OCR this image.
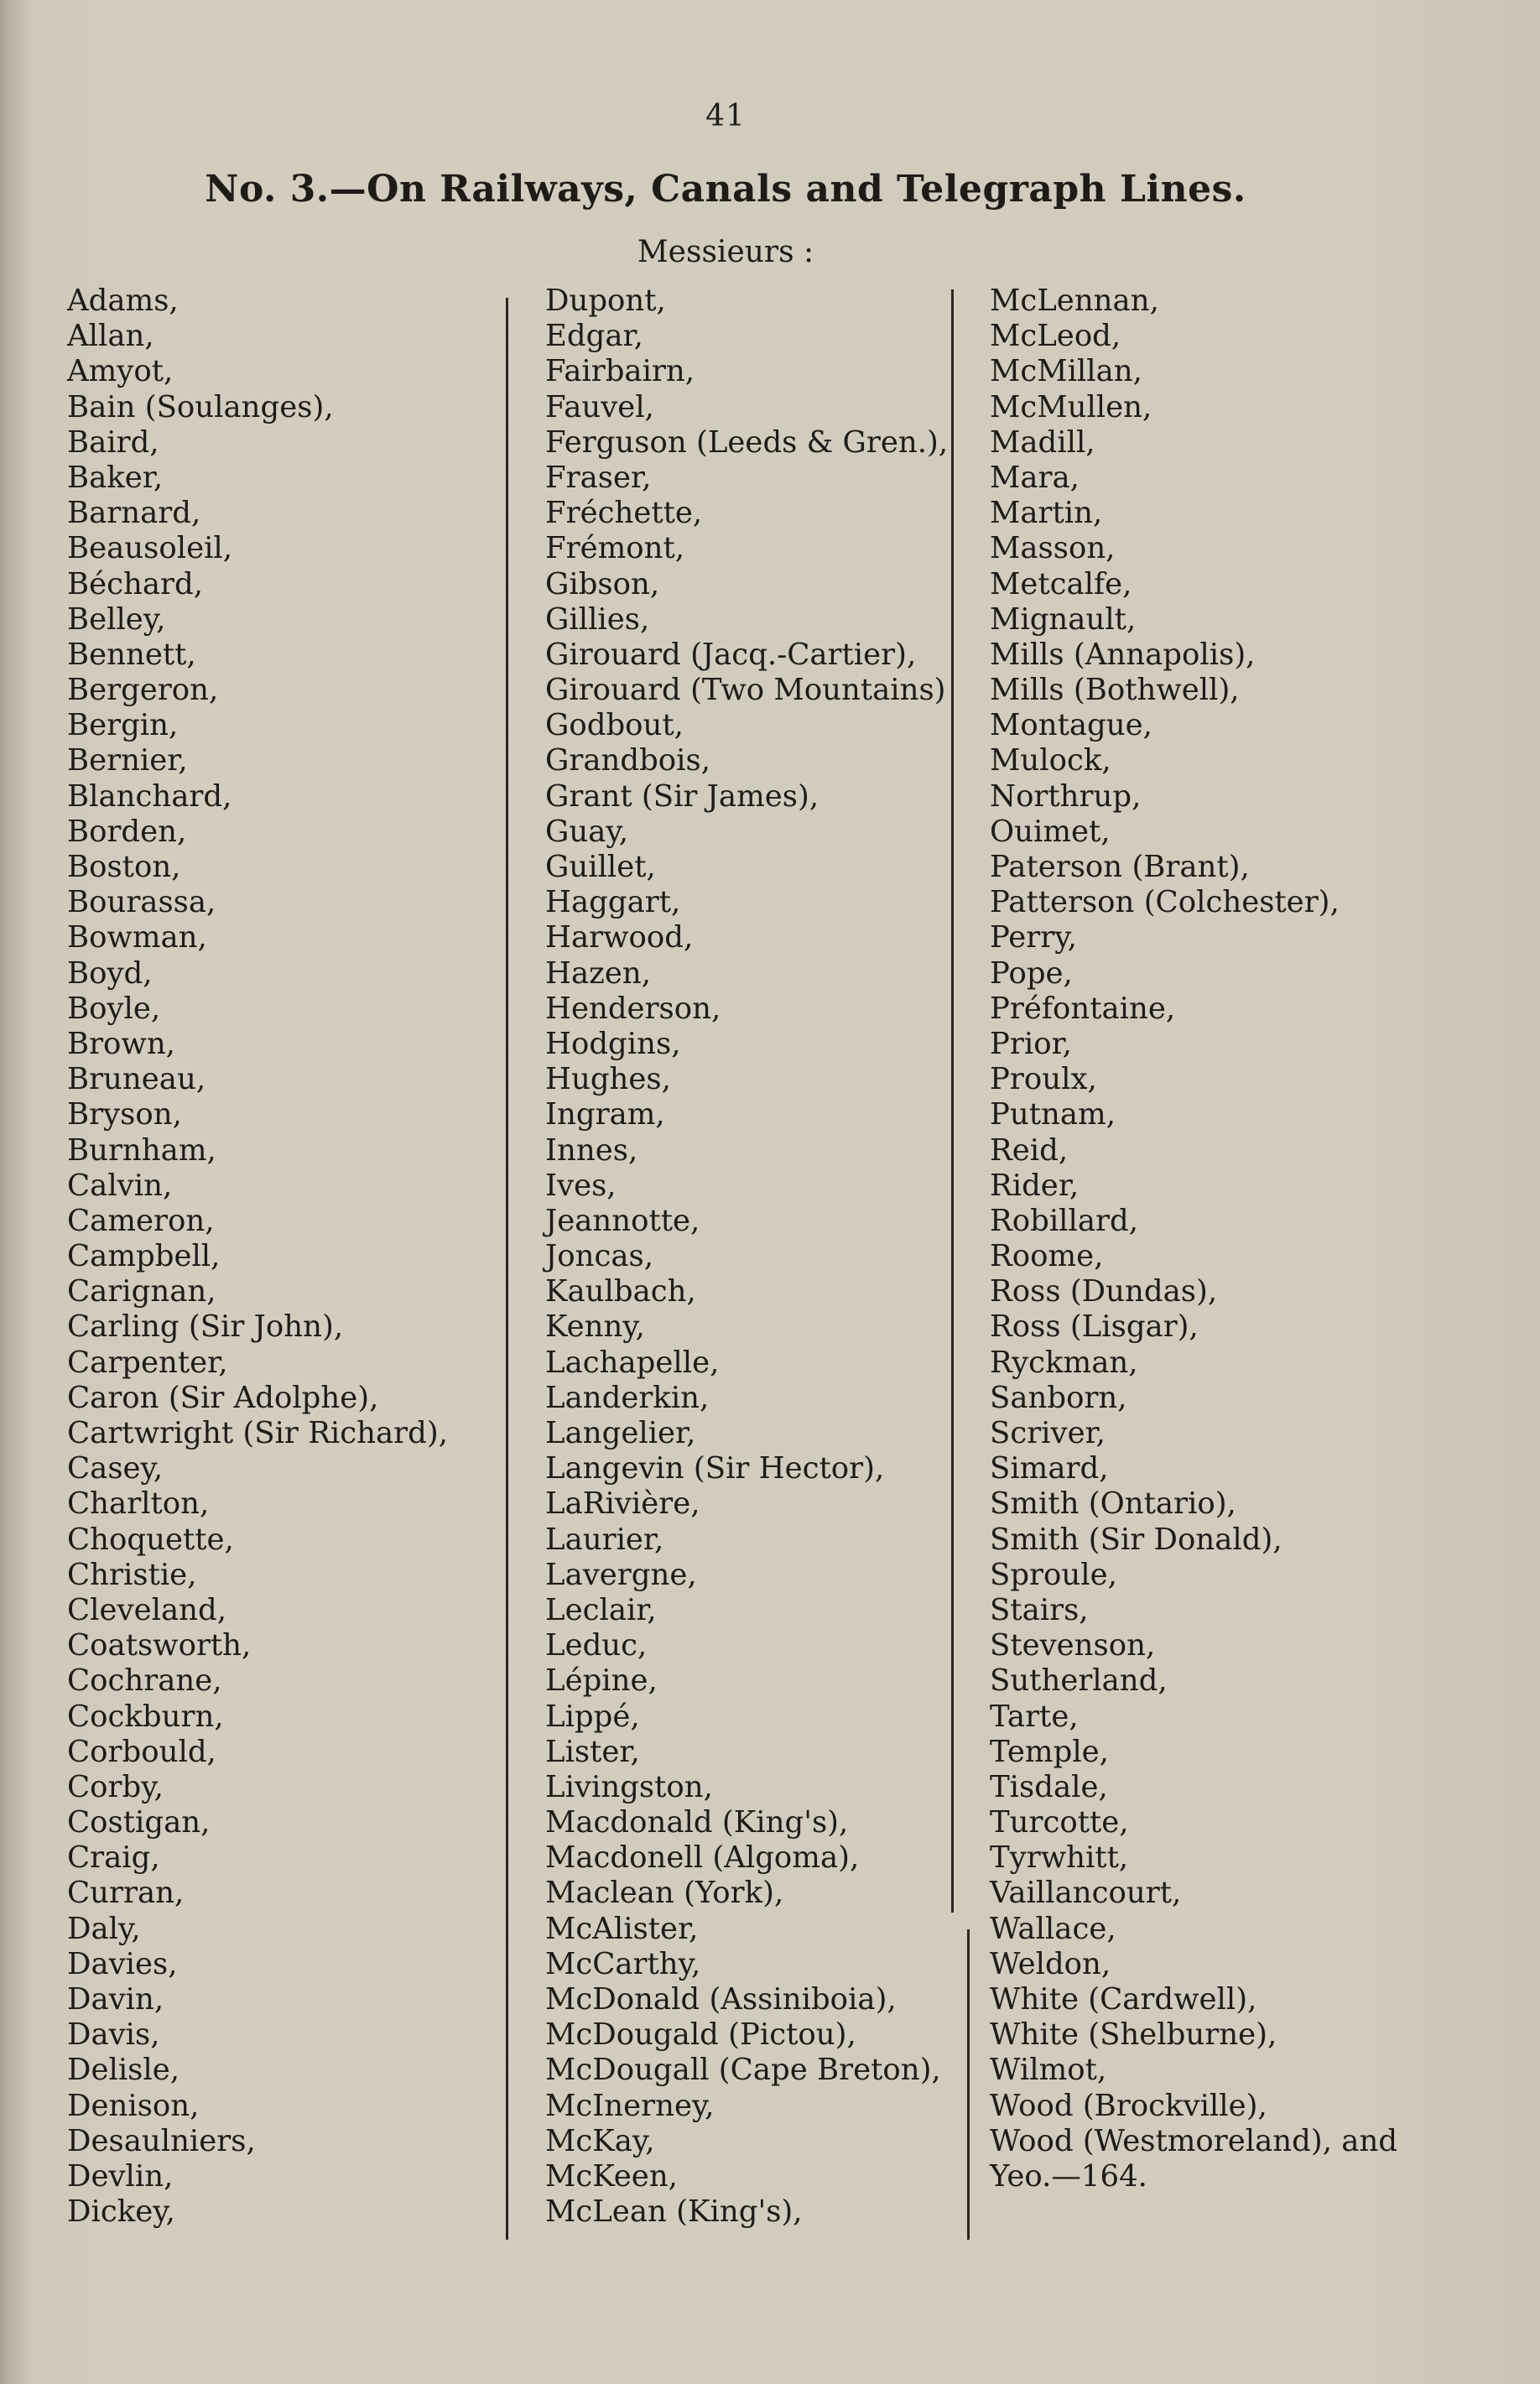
41
No. 3.—On Railways, Canals and Telegraph Lines.
Messieurs :
Adams,
Allan,
Amyot,
Bain (Soulanges),
Baird,
Baker,
Barnard,
Beausoleil,
Béchard,
Belley,
Bennett,
Bergeron,
Bergin,
Bernier,
Blanchard,
Borden,
Boston,
Bourassa,
Bowman,
Boyd,
Boyle,
Brown,
Bruneau,
Bryson,
Burnham,
Calvin,
Cameron,
Campbell,
Carignan,
Carling (Sir John),
Carpenter,
Caron (Sir Adolphe),
Cartwright (Sir Richard),
Casey,
Charlton,
Choquette,
Christie,
Cleveland,
Coatsworth,
Cochrane,
Cockburn,
Corbould,
Corby,
Costigan,
Craig,
Curran,
Daly,
Davies,
Davin,
Davis,
Delisle,
Denison,
Desaulniers,
Devlin,
Dickey,
Dupont,
Edgar,
Fairbairn,
Fauvel,
Ferguson (Leeds & Gren.),
Fraser,
Fréchette,
Frémont,
Gibson,
Gillies,
Girouard (Jacq.-Cartier),
Girouard (Two Mountains)
Godbout,
Grandbois,
Grant (Sir James),
Guay,
Guillet,
Haggart,
Harwood,
Hazen,
Henderson,
Hodgins,
Hughes,
Ingram,
Innes,
Ives,
Jeannotte,
Joncas,
Kaulbach,
Kenny,
Lachapelle,
Landerkin,
Langelier,
Langevin (Sir Hector),
LaRivière,
Laurier,
Lavergne,
Leclair,
Leduc,
Lépine,
Lippé,
Lister,
Livingston,
Macdonald (King's),
Macdonell (Algoma),
Maclean (York),
McAlister,
McCarthy,
McDonald (Assiniboia),
McDougald (Pictou),
McDougall (Cape Breton),
McInerney,
McKay,
McKeen,
McLean (King's),
McLennan,
McLeod,
McMillan,
McMullen,
Madill,
Mara,
Martin,
Masson,
Metcalfe,
Mignault,
Mills (Annapolis),
Mills (Bothwell),
Montague,
Mulock,
Northrup,
Ouimet,
Paterson (Brant),
Patterson (Colchester),
Perry,
Pope,
Préfontaine,
Prior,
Proulx,
Putnam,
Reid,
Rider,
Robillard,
Roome,
Ross (Dundas),
Ross (Lisgar),
Ryckman,
Sanborn,
Scriver,
Simard,
Smith (Ontario),
Smith (Sir Donald),
Sproule,
Stairs,
Stevenson,
Sutherland,
Tarte,
Temple,
Tisdale,
Turcotte,
Tyrwhitt,
Vaillancourt,
Wallace,
Weldon,
White (Cardwell),
White (Shelburne),
Wilmot,
Wood (Brockville),
Wood (Westmoreland), and
Yeo.—164.
